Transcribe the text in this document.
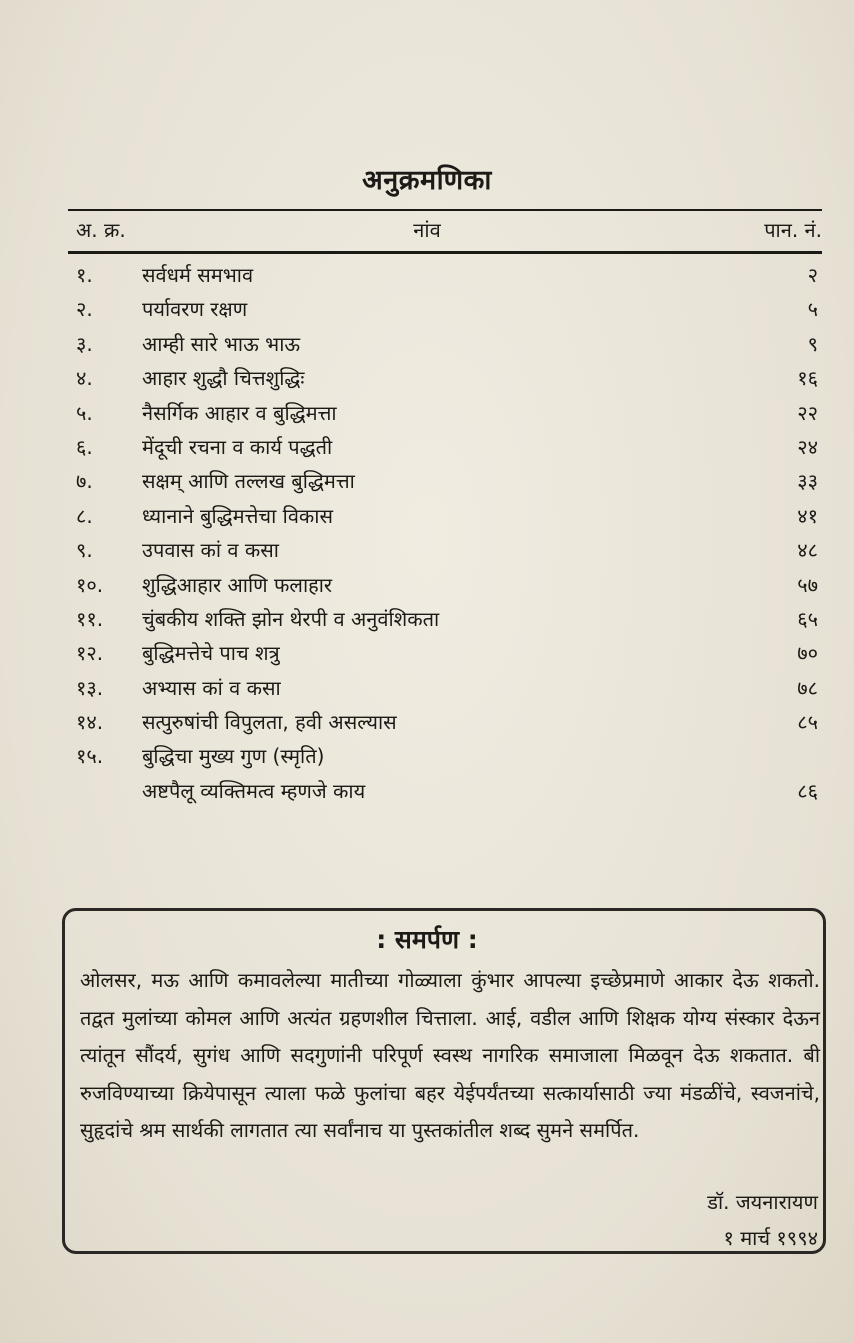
अनुक्रमणिका
अ. क्र.	नांव	पान. नं.
१. सर्वधर्म समभाव	२
२. पर्यावरण रक्षण	५
३. आम्ही सारे भाऊ भाऊ	९
४. आहार शुद्धौ चित्तशुद्धिः	१६
५. नैसर्गिक आहार व बुद्धिमत्ता	२२
६. मेंदूची रचना व कार्य पद्धती	२४
७. सक्षम् आणि तल्लख बुद्धिमत्ता	३३
८. ध्यानाने बुद्धिमत्तेचा विकास	४१
९. उपवास कां व कसा	४८
१०. शुद्धिआहार आणि फलाहार	५७
११. चुंबकीय शक्ति झोन थेरपी व अनुवंशिकता	६५
१२. बुद्धिमत्तेचे पाच शत्रु	७०
१३. अभ्यास कां व कसा	७८
१४. सत्पुरुषांची विपुलता, हवी असल्यास	८५
१५. बुद्धिचा मुख्य गुण (स्मृति)
अष्टपैलू व्यक्तिमत्व म्हणजे काय	८६
: समर्पण :
ओलसर, मऊ आणि कमावलेल्या मातीच्या गोळ्याला कुंभार आपल्या इच्छेप्रमाणे आकार देऊ शकतो. तद्वत मुलांच्या कोमल आणि अत्यंत ग्रहणशील चित्ताला. आई, वडील आणि शिक्षक योग्य संस्कार देऊन त्यांतून सौंदर्य, सुगंध आणि सदगुणांनी परिपूर्ण स्वस्थ नागरिक समाजाला मिळवून देऊ शकतात. बी रुजविण्याच्या क्रियेपासून त्याला फळे फुलांचा बहर येईपर्यंतच्या सत्कार्यासाठी ज्या मंडळींचे, स्वजनांचे, सुहृदांचे श्रम सार्थकी लागतात त्या सर्वांनाच या पुस्तकांतील शब्द सुमने समर्पित.
डॉ. जयनारायण
१ मार्च १९९४
